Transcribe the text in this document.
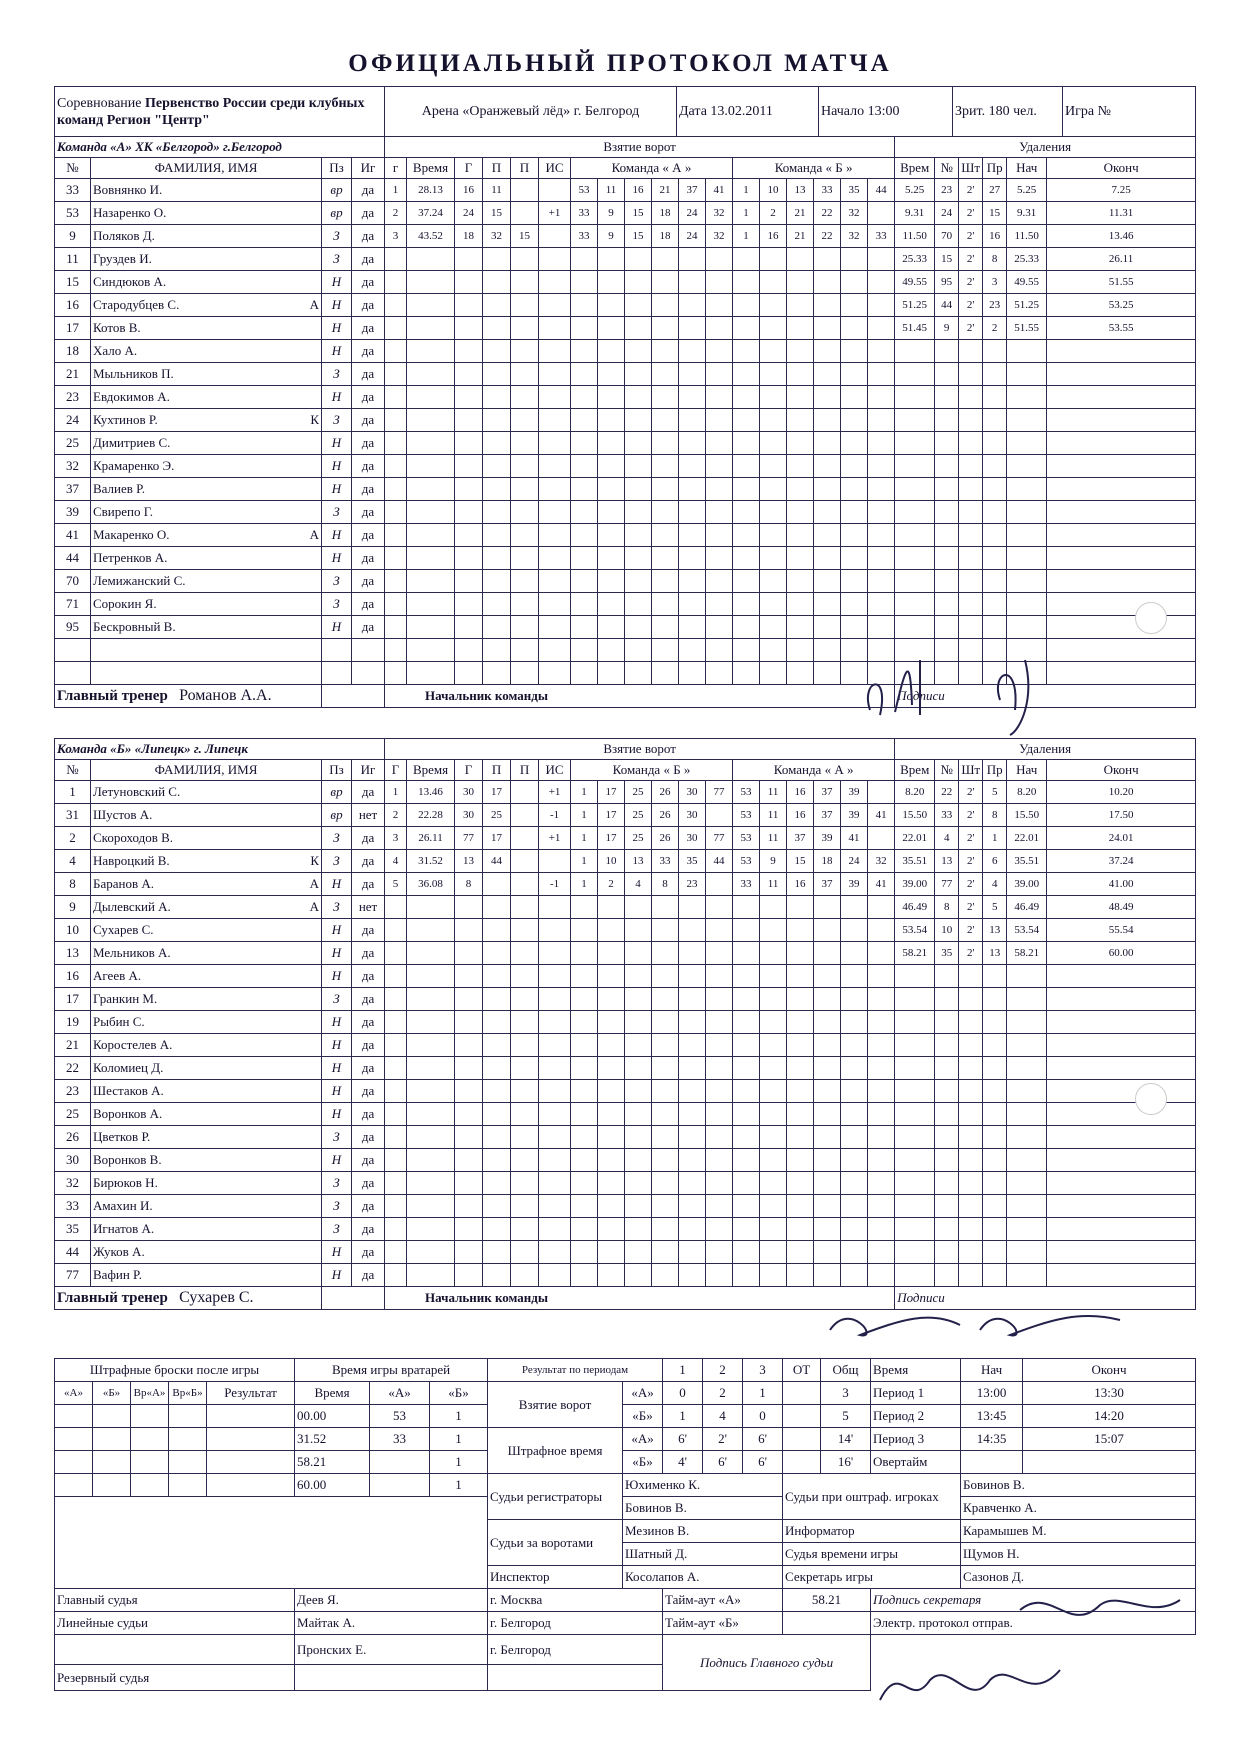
ОФИЦИАЛЬНЫЙ ПРОТОКОЛ МАТЧА
Соревнование Первенство России среди клубных команд Регион "Центр"	Арена «Оранжевый лёд» г. Белгород	Дата 13.02.2011	Начало 13:00	Зрит. 180 чел.	Игра №
Команда «А» ХК «Белгород» г.Белгород					Взятие ворот																		Удаления					
№	ФАМИЛИЯ, ИМЯ		Пз	Иг	г	Время	Г	П	П	ИС	Команда « А »						Команда « Б »						Врем	№	Шт	Пр	Нач	Оконч
33	Вовнянко И.		вр	да	1	28.13	16	11			53	11	16	21	37	41	1	10	13	33	35	44	5.25	23	2'	27	5.25	7.25
53	Назаренко О.		вр	да	2	37.24	24	15		+1	33	9	15	18	24	32	1	2	21	22	32		9.31	24	2'	15	9.31	11.31
9	Поляков Д.		З	да	3	43.52	18	32	15		33	9	15	18	24	32	1	16	21	22	32	33	11.50	70	2'	16	11.50	13.46
11	Груздев И.		З	да																			25.33	15	2'	8	25.33	26.11
15	Синдюков А.		Н	да																			49.55	95	2'	3	49.55	51.55
16	Стародубцев С.	А	Н	да																			51.25	44	2'	23	51.25	53.25
17	Котов В.		Н	да																			51.45	9	2'	2	51.55	53.55
18	Хало А.		Н	да																								
21	Мыльников П.		З	да																								
23	Евдокимов А.		Н	да																								
24	Кухтинов Р.	К	З	да																								
25	Димитриев С.		Н	да																								
32	Крамаренко Э.		Н	да																								
37	Валиев Р.		Н	да																								
39	Свирепо Г.		З	да																								
41	Макаренко О.	А	Н	да																								
44	Петренков А.		Н	да																								
70	Лемижанский С.		З	да																								
71	Сорокин Я.		З	да																								
95	Бескровный В.		Н	да																								

Главный тренер Романов А.А.					Начальник команды																		Подписи					
Команда «Б» «Липецк» г. Липецк					Взятие ворот																		Удаления					
№	ФАМИЛИЯ, ИМЯ		Пз	Иг	Г	Время	Г	П	П	ИС	Команда « Б »						Команда « А »						Врем	№	Шт	Пр	Нач	Оконч
1	Летуновский С.		вр	да	1	13.46	30	17		+1	1	17	25	26	30	77	53	11	16	37	39		8.20	22	2'	5	8.20	10.20
31	Шустов А.		вр	нет	2	22.28	30	25		-1	1	17	25	26	30		53	11	16	37	39	41	15.50	33	2'	8	15.50	17.50
2	Скороходов В.		З	да	3	26.11	77	17		+1	1	17	25	26	30	77	53	11	37	39	41		22.01	4	2'	1	22.01	24.01
4	Навроцкий В.	К	З	да	4	31.52	13	44			1	10	13	33	35	44	53	9	15	18	24	32	35.51	13	2'	6	35.51	37.24
8	Баранов А.	А	Н	да	5	36.08	8			-1	1	2	4	8	23		33	11	16	37	39	41	39.00	77	2'	4	39.00	41.00
9	Дылевский А.	А	З	нет																			46.49	8	2'	5	46.49	48.49
10	Сухарев С.		Н	да																			53.54	10	2'	13	53.54	55.54
13	Мельников А.		Н	да																			58.21	35	2'	13	58.21	60.00
16	Агеев А.		Н	да																								
17	Гранкин М.		З	да																								
19	Рыбин С.		Н	да																								
21	Коростелев А.		Н	да																								
22	Коломиец Д.		Н	да																								
23	Шестаков А.		Н	да																								
25	Воронков А.		Н	да																								
26	Цветков Р.		З	да																								
30	Воронков В.		Н	да																								
32	Бирюков Н.		З	да																								
33	Амахин И.		З	да																								
35	Игнатов А.		З	да																								
44	Жуков А.		Н	да																								
77	Вафин Р.		Н	да																								
Главный тренер Сухарев С.					Начальник команды																		Подписи					
Штрафные броски после игры					Время игры вратарей			Результат по периодам		1	2	3	ОТ	Общ	Время	Нач	Оконч
«А»	«Б»	Вр«А»	Вр«Б»	Результат	Время	«А»	«Б»	Взятие ворот	«А»	0	2	1		3	Период 1	13:00	13:30
					00.00	53	1		«Б»	1	4	0		5	Период 2	13:45	14:20
					31.52	33	1	Штрафное время	«А»	6'	2'	6'		14'	Период 3	14:35	15:07
					58.21		1		«Б»	4'	6'	6'		16'	Овертайм		
					60.00		1	Судьи регистраторы	Юхименко К.				Судьи при оштраф. игроках			Бовинов В.	
									Бовинов В.							Кравченко А.	
								Судьи за воротами	Мезинов В.				Информатор			Карамышев М.	
									Шатный Д.				Судья времени игры			Щумов Н.	
								Инспектор	Косолапов А.				Секретарь игры			Сазонов Д.	
Главный судья					Деев Я.			г. Москва		Тайм-аут «А»			58.21		Подпись секретаря		
Линейные судьи					Майтак А.			г. Белгород		Тайм-аут «Б»					Электр. протокол отправ.		
					Пронских Е.			г. Белгород		Подпись Главного судьи							
Резервный судья																	
